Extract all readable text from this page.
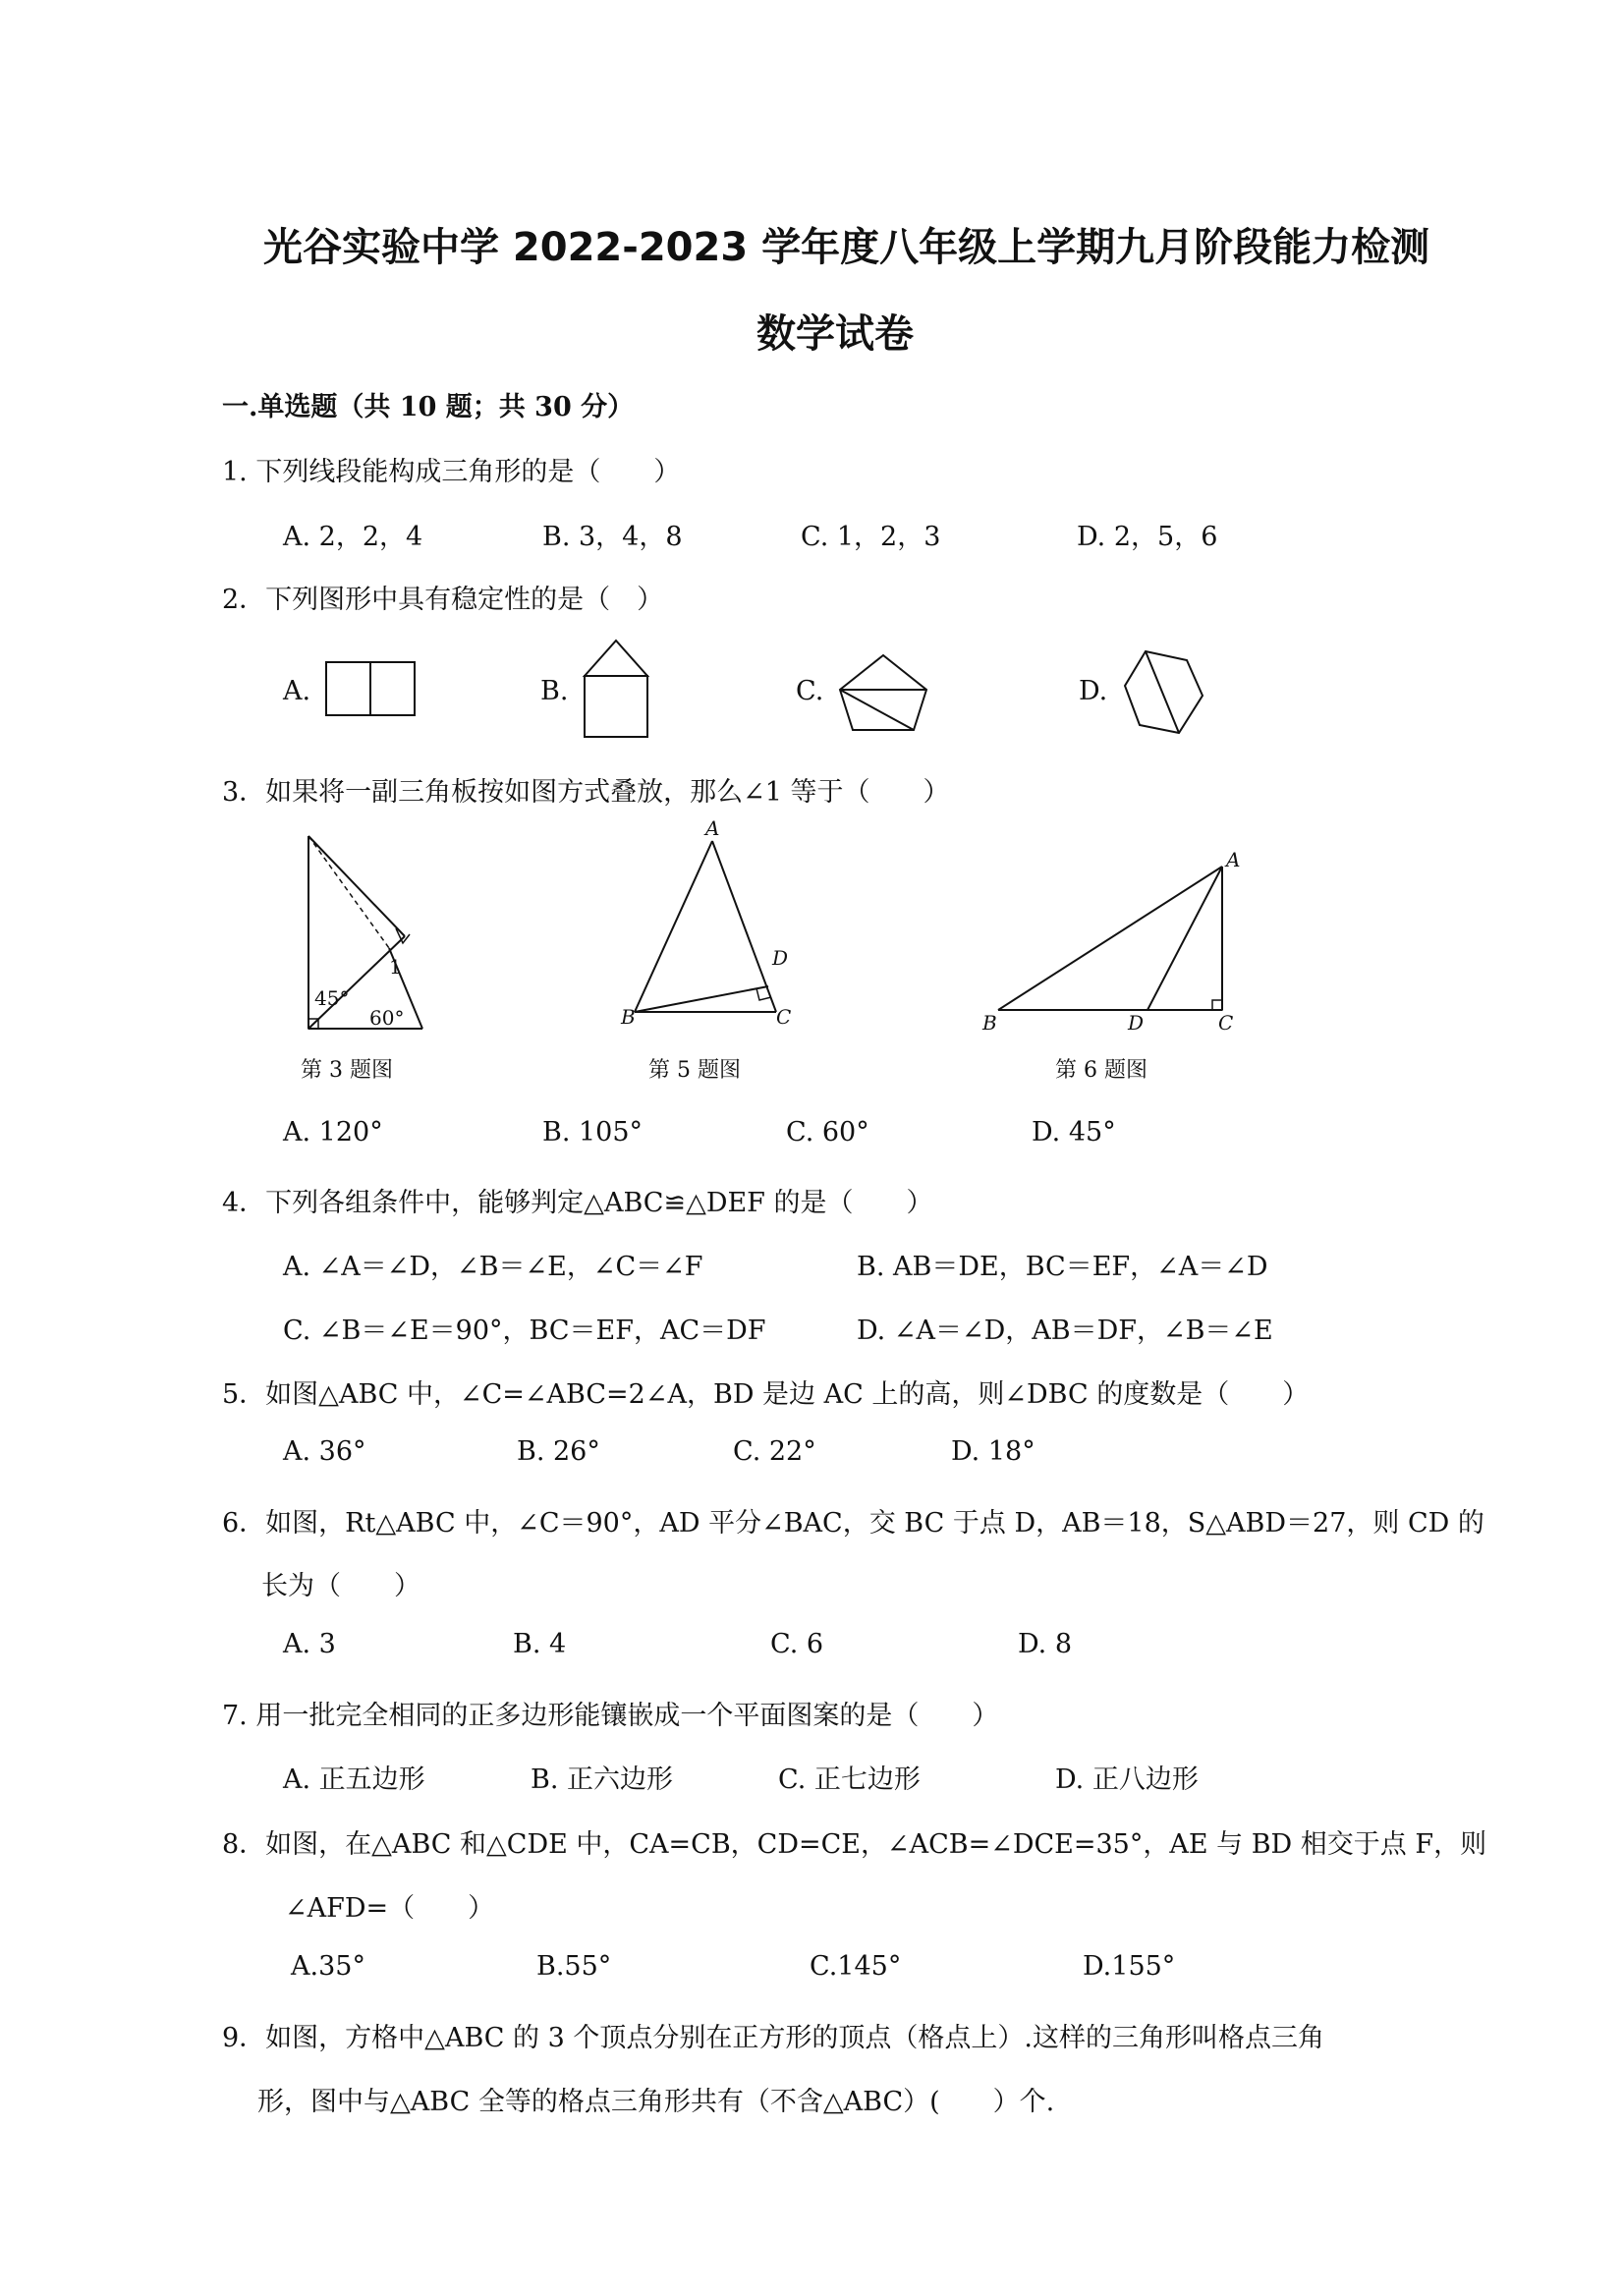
光谷实验中学 2022-2023 学年度八年级上学期九月阶段能力检测
数学试卷
一.单选题（共 10 题；共 30 分）
1. 下列线段能构成三角形的是（　　）
A. 2，2，4	B. 3，4，8	C. 1，2，3	D. 2，5，6
2．下列图形中具有稳定性的是（　）
A.	B.	C.	D.
3．如果将一副三角板按如图方式叠放，那么∠1 等于（　　）
45°
60°
1
第 3 题图
A
B	C
D
第 5 题图
A
B	C
D
第 6 题图
A. 120°	B. 105°	C. 60°	D. 45°
4．下列各组条件中，能够判定△ABC≌△DEF 的是（　　）
A. ∠A＝∠D，∠B＝∠E，∠C＝∠F	B. AB＝DE，BC＝EF，∠A＝∠D
C. ∠B＝∠E＝90°，BC＝EF，AC＝DF	D. ∠A＝∠D，AB＝DF，∠B＝∠E
5．如图△ABC 中，∠C=∠ABC=2∠A，BD 是边 AC 上的高，则∠DBC 的度数是（　　）
A. 36°	B. 26°	C. 22°	D. 18°
6．如图，Rt△ABC 中，∠C＝90°，AD 平分∠BAC，交 BC 于点 D，AB＝18，S△ABD＝27，则 CD 的
长为（　　）
A. 3	B. 4	C. 6	D. 8
7. 用一批完全相同的正多边形能镶嵌成一个平面图案的是（　　）
A. 正五边形	B. 正六边形	C. 正七边形	D. 正八边形
8．如图，在△ABC 和△CDE 中，CA=CB，CD=CE，∠ACB=∠DCE=35°，AE 与 BD 相交于点 F，则
∠AFD=（　　）
A.35°	B.55°	C.145°	D.155°
9．如图，方格中△ABC 的 3 个顶点分别在正方形的顶点（格点上）.这样的三角形叫格点三角
形，图中与△ABC 全等的格点三角形共有（不含△ABC）(　　）个.
